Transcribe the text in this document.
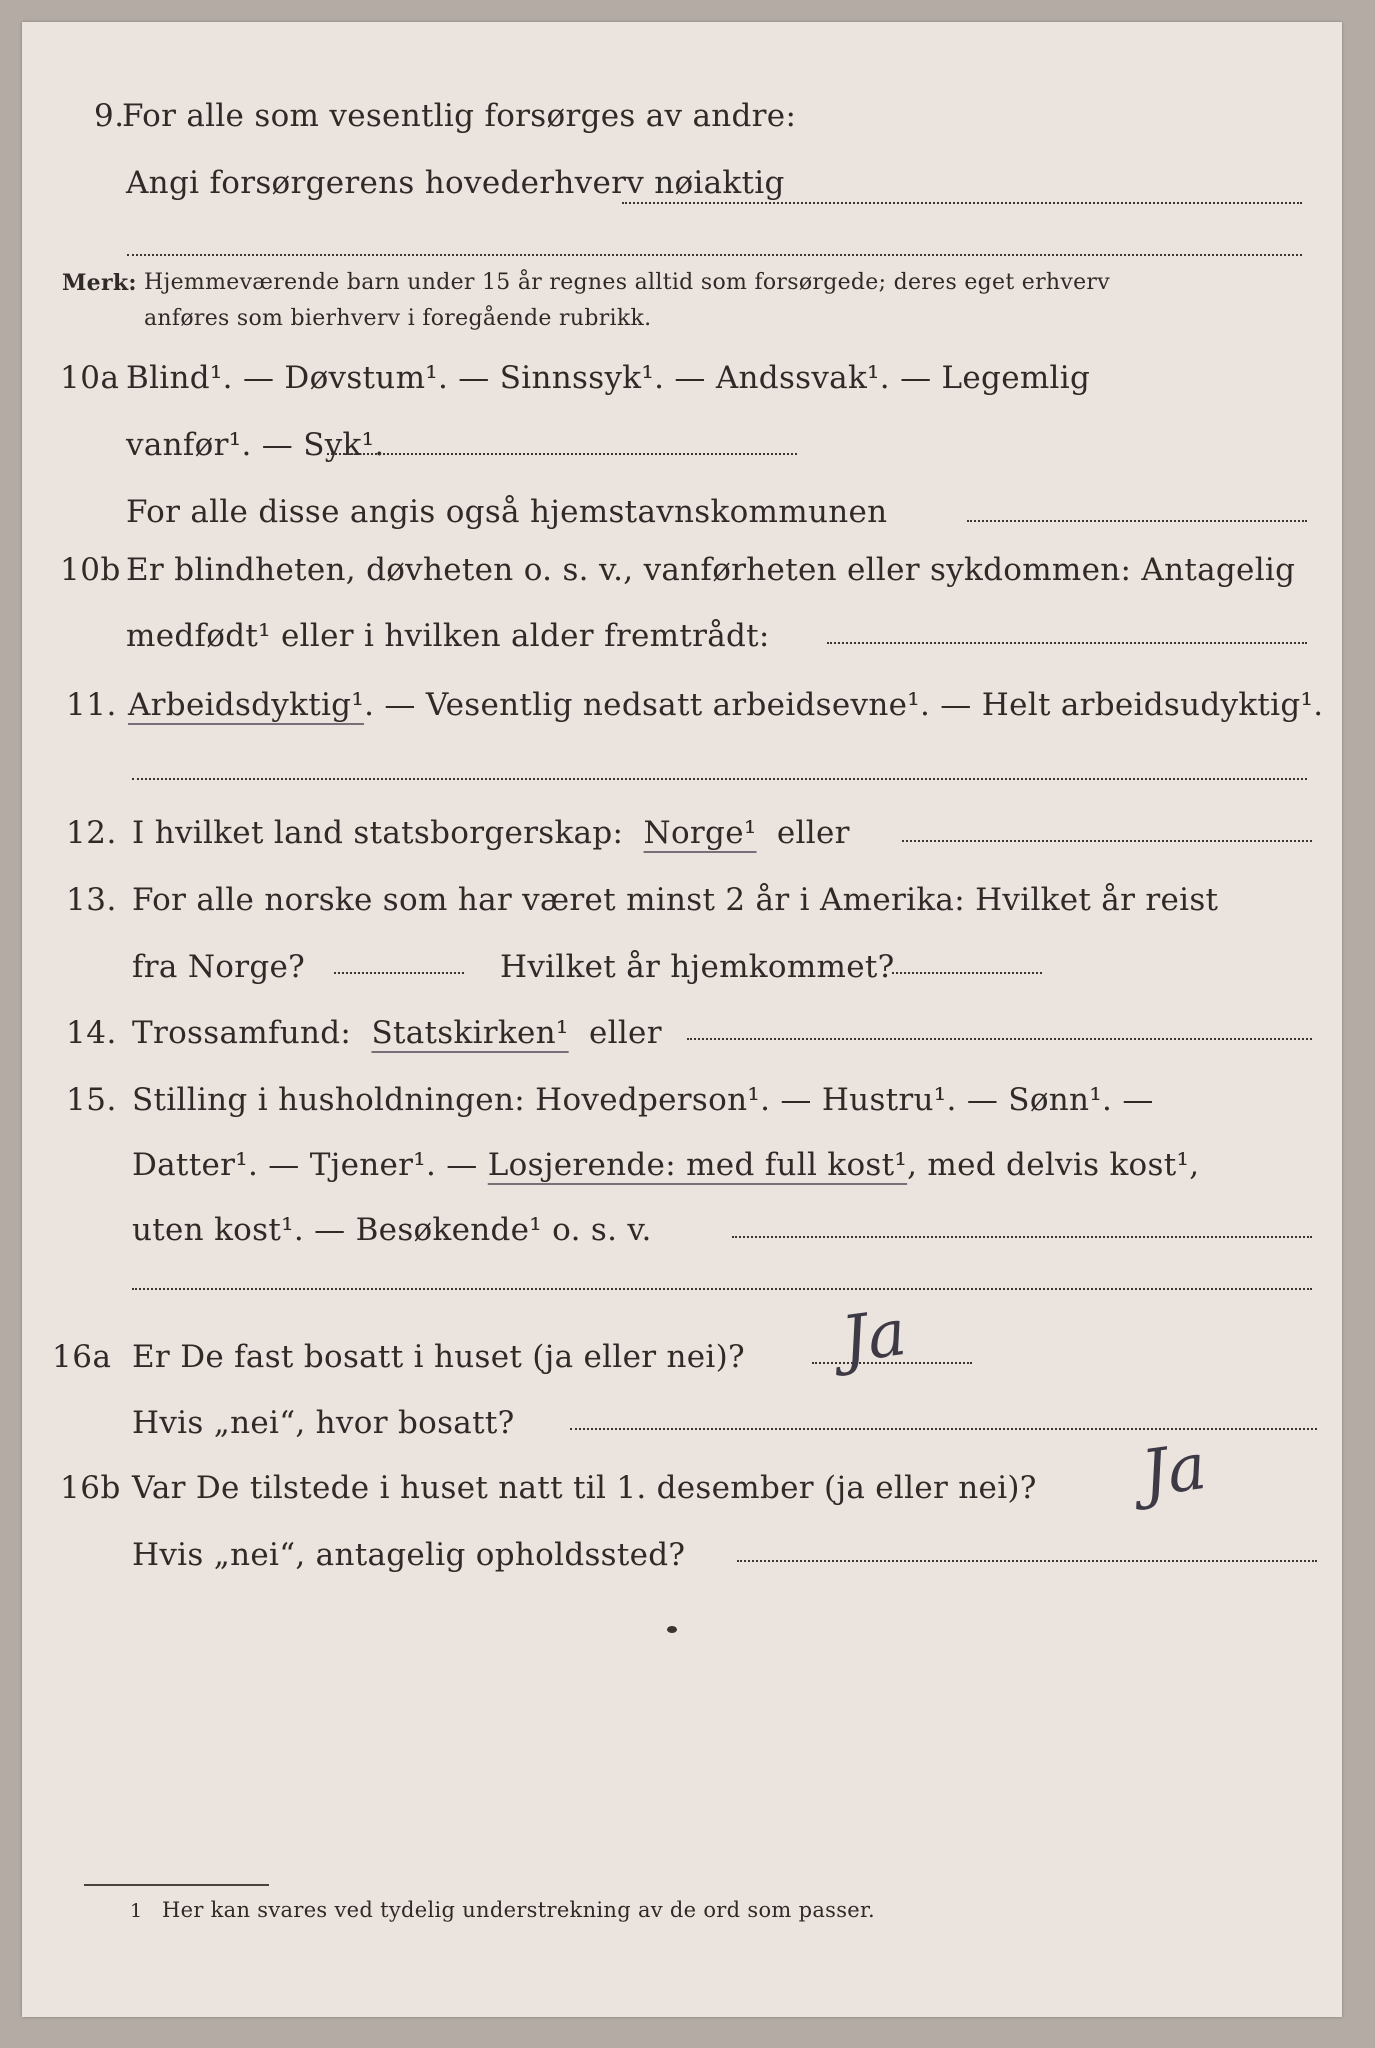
9.
For alle som vesentlig forsørges av andre:
Angi forsørgerens hovederhverv nøiaktig
Merk: Hjemmeværende barn under 15 år regnes alltid som forsørgede; deres eget erhverv
anføres som bierhverv i foregående rubrikk.
10a Blind¹. — Døvstum¹. — Sinnssyk¹. — Andssvak¹. — Legemlig
vanfør¹. — Syk¹.
For alle disse angis også hjemstavnskommunen
10b Er blindheten, døvheten o. s. v., vanførheten eller sykdommen: Antagelig
medfødt¹ eller i hvilken alder fremtrådt:
11. Arbeidsdyktig¹. — Vesentlig nedsatt arbeidsevne¹. — Helt arbeidsudyktig¹.
12. I hvilket land statsborgerskap: Norge¹ eller
13. For alle norske som har været minst 2 år i Amerika: Hvilket år reist
fra Norge?	Hvilket år hjemkommet?
14. Trossamfund: Statskirken¹ eller
15. Stilling i husholdningen: Hovedperson¹. — Hustru¹. — Sønn¹. —
Datter¹. — Tjener¹. — Losjerende: med full kost¹, med delvis kost¹,
uten kost¹. — Besøkende¹ o. s. v.
16a Er De fast bosatt i huset (ja eller nei)? Ja
Hvis „nei“, hvor bosatt?
16b Var De tilstede i huset natt til 1. desember (ja eller nei)? Ja
Hvis „nei“, antagelig opholdssted?
1 Her kan svares ved tydelig understrekning av de ord som passer.
